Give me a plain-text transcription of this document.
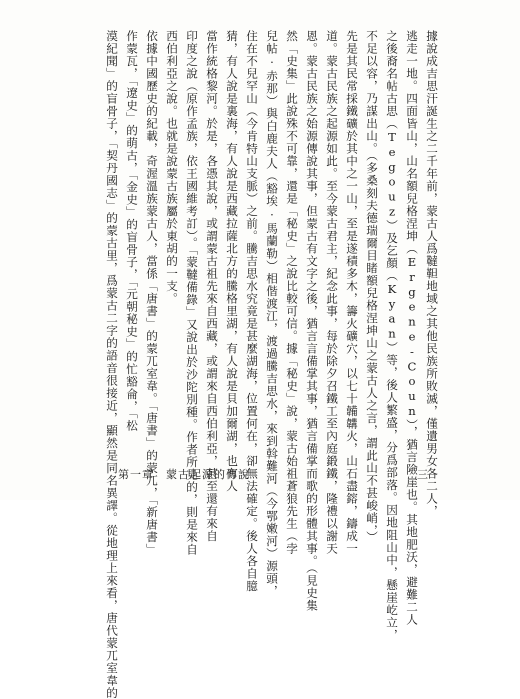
據說成吉思汗誕生之二千年前，蒙古人爲韃靼地域之其他民族所敗滅，僅遺男女各二人，
逃走一地。四面皆山，山名額兒格涅坤（Ergene-Coun），猶言險崖也。其地肥沃，避難二人
之後裔名帖古思（Tegouz）及乞顏（Kyan）等，後人繁盛，分爲部落。因地阻山中，懸崖屹立，
不足以容，乃謀出山。（多桑刻夫德瑞爾目睹額兒格涅坤山之蒙古人之言，謂此山不甚峻峭，）
先是其民常採鐵礦於其中之一山，至是遂積多木，籌火礦穴，以七十韛韝火，山石盡鎔，鑄成一
道。蒙古民族之起源如此。至今蒙古君主，紀念此事，每於除夕召鐵工至內庭鍛鐵，隆禮以謝天
恩。蒙古民族之始源傳說其事，但蒙古有文字之後，猶言言備掌其事，猶言備掌而歌的形體其事。（見史集
然「史集」此說殊不可靠，還是「秘史」之說比較可信。據「秘史」說，蒙古始祖蒼狼先生（孛
兒帖·赤那）與白鹿夫人（豁埃·馬蘭勒）相偕渡江，渡過騰吉思水，來到斡難河（今鄂嫩河）源頭，
住在不兒罕山（今肯特山支脈）之前。騰吉思水究竟是甚麼湖海，位置何在，卻無法確定。後人各自臆
猜，有人說是裏海，有人說是西藏拉薩北方的騰格里湖，有人說是貝加爾湖，也有人
當作統格黎河。於是，各憑其說，或謂蒙古祖先來自西藏，或謂來自西伯利亞，甚至還有來自
印度之說（原作孟族，依王國維考訂）。「蒙韃備錄」又說出於沙陀別種。作者所見的，則是來自
西伯利亞之說。也就是說蒙古族屬於東胡的一支。
依據中國歷史的紀載，奇渥溫族蒙古人，當係「唐書」的蒙兀室韋。「唐書」的蒙兀，「新唐書」
作蒙瓦，「遼史」的萌古，「金史」的盲骨子，「元朝秘史」的忙豁侖，「松
漠紀聞」的盲骨子，「契丹國志」的蒙古里，爲蒙古二字的語音很接近，顯然是同名異譯。從地理上來看，唐代蒙兀室韋的 第一章　蒙古起源的傳說	三
